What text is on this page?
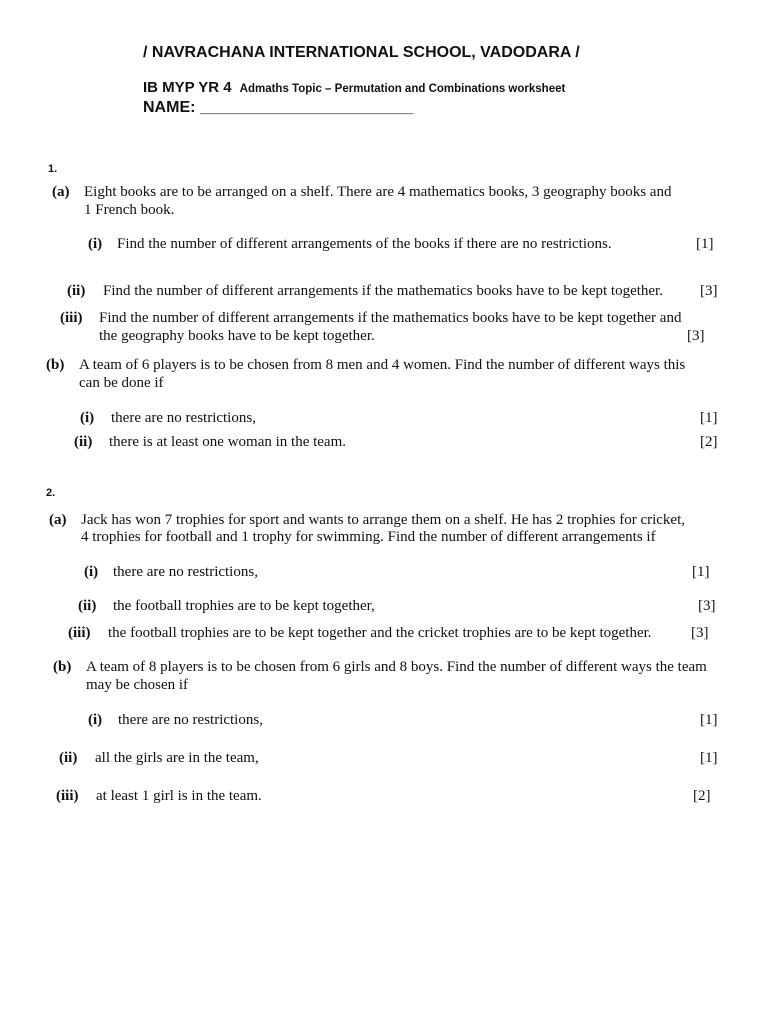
/ NAVRACHANA INTERNATIONAL SCHOOL, VADODARA /
IB MYP YR 4 Admaths Topic – Permutation and Combinations worksheet
NAME: ________________________
1.
(a) Eight books are to be arranged on a shelf. There are 4 mathematics books, 3 geography books and
1 French book.
(i) Find the number of different arrangements of the books if there are no restrictions.	[1]
(ii) Find the number of different arrangements if the mathematics books have to be kept together. [3]
(iii) Find the number of different arrangements if the mathematics books have to be kept together and
the geography books have to be kept together.	[3]
(b) A team of 6 players is to be chosen from 8 men and 4 women. Find the number of different ways this
can be done if
(i) there are no restrictions,	[1]
(ii) there is at least one woman in the team.	[2]
2.
(a) Jack has won 7 trophies for sport and wants to arrange them on a shelf. He has 2 trophies for cricket,
4 trophies for football and 1 trophy for swimming. Find the number of different arrangements if
(i) there are no restrictions,	[1]
(ii) the football trophies are to be kept together,	[3]
(iii) the football trophies are to be kept together and the cricket trophies are to be kept together.	[3]
(b) A team of 8 players is to be chosen from 6 girls and 8 boys. Find the number of different ways the team
may be chosen if
(i) there are no restrictions,	[1]
(ii) all the girls are in the team,	[1]
(iii) at least 1 girl is in the team.	[2]
